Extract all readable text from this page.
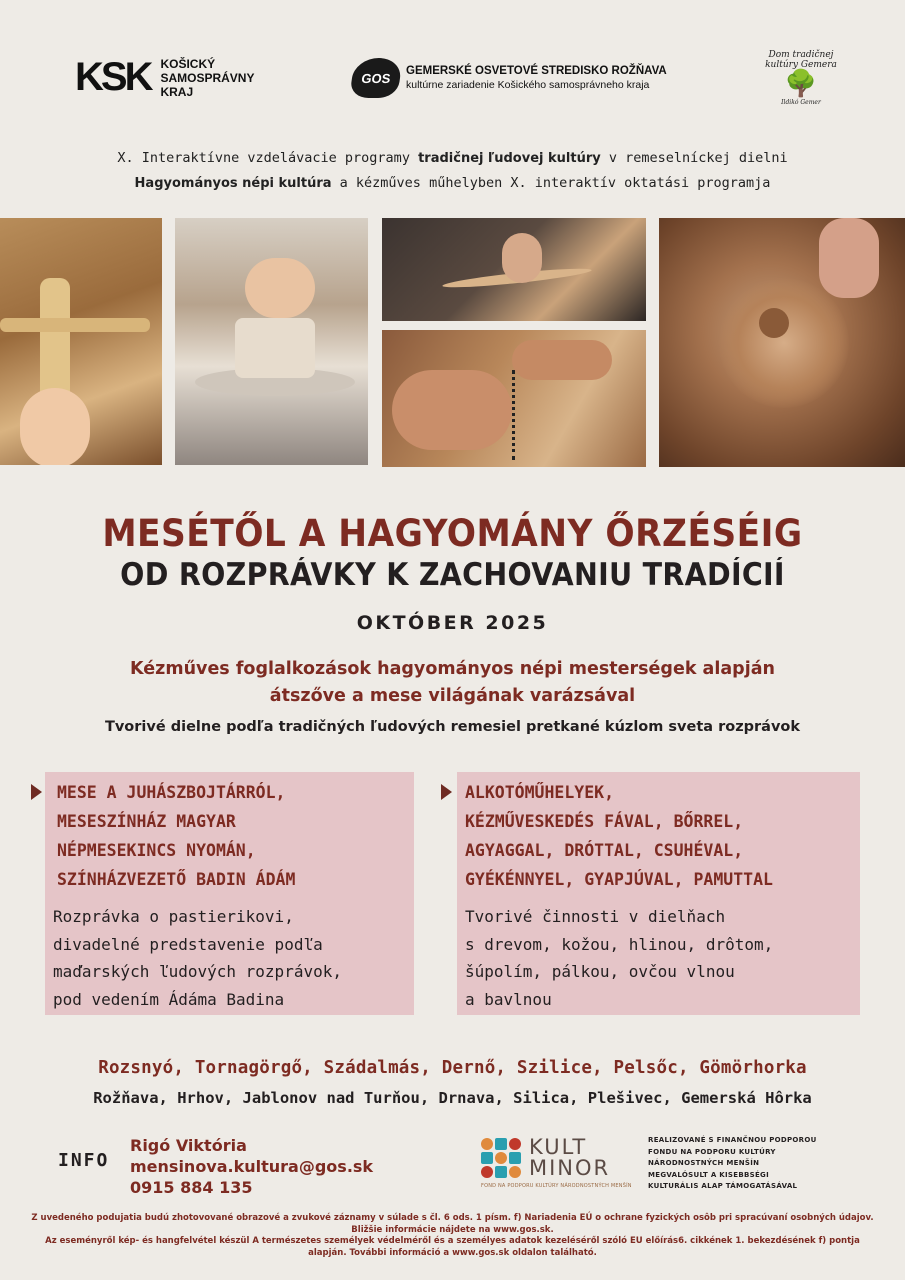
KSK KOŠICKÝ
SAMOSPRÁVNY
KRAJ
GOS	GEMERSKÉ OSVETOVÉ STREDISKO ROŽŇAVA
kultúrne zariadenie Košického samosprávneho kraja
Dom tradičnej kultúry Gemera
🌳
Ildikó Gemer
X. Interaktívne vzdelávacie programy tradičnej ľudovej kultúry v remeselníckej dielni
Hagyományos népi kultúra a kézműves műhelyben X. interaktív oktatási programja
MESÉTŐL A HAGYOMÁNY ŐRZÉSÉIG
OD ROZPRÁVKY K ZACHOVANIU TRADÍCIÍ
OKTÓBER 2025
Kézműves foglalkozások hagyományos népi mesterségek alapján
átszőve a mese világának varázsával
Tvorivé dielne podľa tradičných ľudových remesiel pretkané kúzlom sveta rozprávok
MESE A JUHÁSZBOJTÁRRÓL,
MESESZÍNHÁZ MAGYAR
NÉPMESEKINCS NYOMÁN,
SZÍNHÁZVEZETŐ BADIN ÁDÁM
Rozprávka o pastierikovi,
divadelné predstavenie podľa
maďarských ľudových rozprávok,
pod vedením Ádáma Badina
ALKOTÓMŰHELYEK,
KÉZMŰVESKEDÉS FÁVAL, BŐRREL,
AGYAGGAL, DRÓTTAL, CSUHÉVAL,
GYÉKÉNNYEL, GYAPJÚVAL, PAMUTTAL
Tvorivé činnosti v dielňach
s drevom, kožou, hlinou, drôtom,
šúpolím, pálkou, ovčou vlnou
a bavlnou
Rozsnyó, Tornagörgő, Szádalmás, Dernő, Szilice, Pelsőc, Gömörhorka
Rožňava, Hrhov, Jablonov nad Turňou, Drnava, Silica, Plešivec, Gemerská Hôrka
INFO
Rigó Viktória
mensinova.kultura@gos.sk
0915 884 135
KULT
MINOR
FOND NA PODPORU KULTÚRY NÁRODNOSTNÝCH MENŠÍN
REALIZOVANÉ S FINANČNOU PODPOROU
FONDU NA PODPORU KULTÚRY
NÁRODNOSTNÝCH MENŠÍN
MEGVALÓSULT A KISEBBSÉGI
KULTURÁLIS ALAP TÁMOGATÁSÁVAL
Z uvedeného podujatia budú zhotovované obrazové a zvukové záznamy v súlade s čl. 6 ods. 1 písm. f) Nariadenia EÚ o ochrane fyzických osôb pri spracúvaní osobných údajov.
Bližšie informácie nájdete na www.gos.sk.
Az eseményről kép- és hangfelvétel készül A természetes személyek védelméről és a személyes adatok kezeléséről szóló EU előírás6. cikkének 1. bekezdésének f) pontja
alapján. További információ a www.gos.sk oldalon található.
